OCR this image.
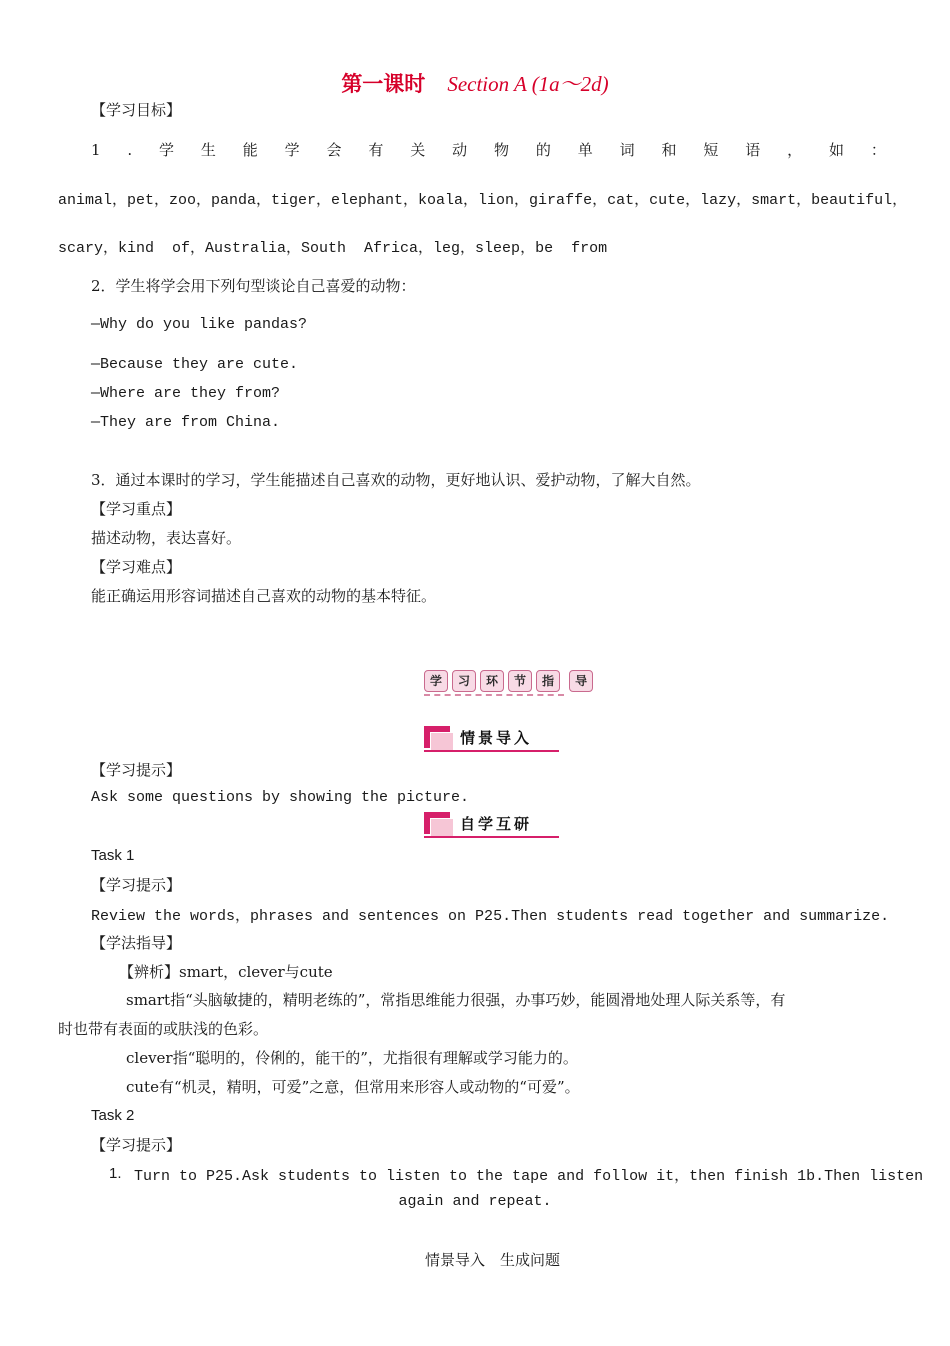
第一课时 Section A (1a～2d)
【学习目标】
1 . 学 生 能 学 会 有 关 动 物 的 单 词 和 短 语 ， 如 ：
animal，pet，zoo，panda，tiger，elephant，koala，lion，giraffe，cat，cute，lazy，smart，beautiful，
scary，kind  of，Australia，South  Africa，leg，sleep，be  from
2．学生将学会用下列句型谈论自己喜爱的动物：
—Why do you like pandas?
—Because they are cute.
—Where are they from?
—They are from China.
3．通过本课时的学习，学生能描述自己喜欢的动物，更好地认识、爱护动物，了解大自然。
【学习重点】
描述动物，表达喜好。
【学习难点】
能正确运用形容词描述自己喜欢的动物的基本特征。
学 习 环 节 指 导
情景导入
【学习提示】
Ask some questions by showing the picture.
自学互研
Task 1
【学习提示】
Review the words，phrases and sentences on P25.Then students read together and summarize.
【学法指导】
【辨析】smart，clever与cute
smart指“头脑敏捷的，精明老练的”，常指思维能力很强，办事巧妙，能圆滑地处理人际关系等，有
时也带有表面的或肤浅的色彩。
clever指“聪明的，伶俐的，能干的”，尤指很有理解或学习能力的。
cute有“机灵，精明，可爱”之意，但常用来形容人或动物的“可爱”。
Task 2
【学习提示】
1. Turn to P25.Ask students to listen to the tape and follow it，then finish 1b.Then listen
again and repeat.
情景导入　生成问题
